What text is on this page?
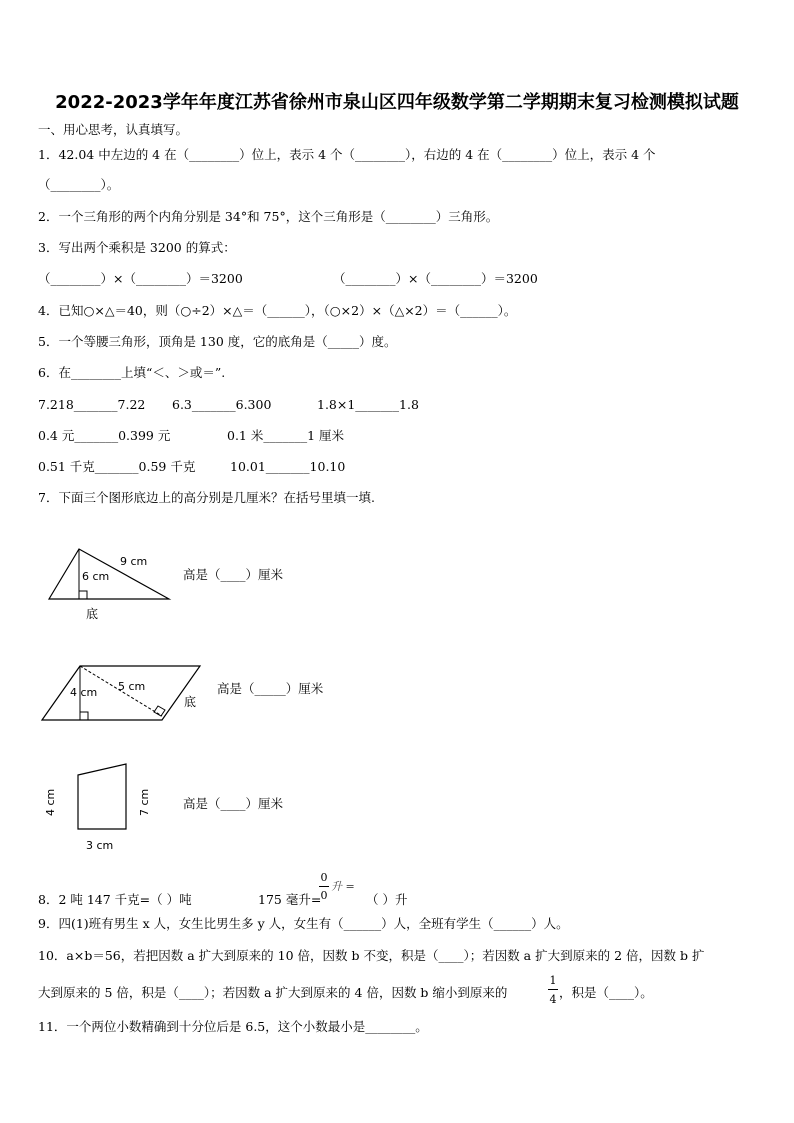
2022-2023学年年度江苏省徐州市泉山区四年级数学第二学期期末复习检测模拟试题
一、用心思考，认真填写。
1．42.04 中左边的 4 在（________）位上，表示 4 个（________），右边的 4 在（________）位上，表示 4 个
（________）。
2．一个三角形的两个内角分别是 34°和 75°，这个三角形是（________）三角形。
3．写出两个乘积是 3200 的算式：
（________）×（________）＝3200	（________）×（________）＝3200
4．已知○×△＝40，则（○÷2）×△＝（______），（○×2）×（△×2）＝（______）。
5．一个等腰三角形，顶角是 130 度，它的底角是（_____）度。
6．在________上填“＜、＞或＝”.
7.218_______7.22 6.3_______6.300	1.8×1_______1.8
0.4 元_______0.399 元	0.1 米_______1 厘米
0.51 千克_______0.59 千克	10.01_______10.10
7．下面三个图形底边上的高分别是几厘米？在括号里填一填.
9 cm
6 cm
底
高是（____）厘米
5 cm
4 cm
底
高是（_____）厘米
4 cm	7 cm
3 cm
高是（____）厘米
8．2 吨 147 千克=（ ）吨	175 毫升=
0
0
升 =
（ ）升
9．四(1)班有男生 x 人，女生比男生多 y 人，女生有（______）人，全班有学生（______）人。
10．a×b＝56，若把因数 a 扩大到原来的 10 倍，因数 b 不变，积是（____）；若因数 a 扩大到原来的 2 倍，因数 b 扩
大到原来的 5 倍，积是（____）；若因数 a 扩大到原来的 4 倍，因数 b 缩小到原来的
1
4 ，积是（____）。
11．一个两位小数精确到十分位后是 6.5，这个小数最小是________。
